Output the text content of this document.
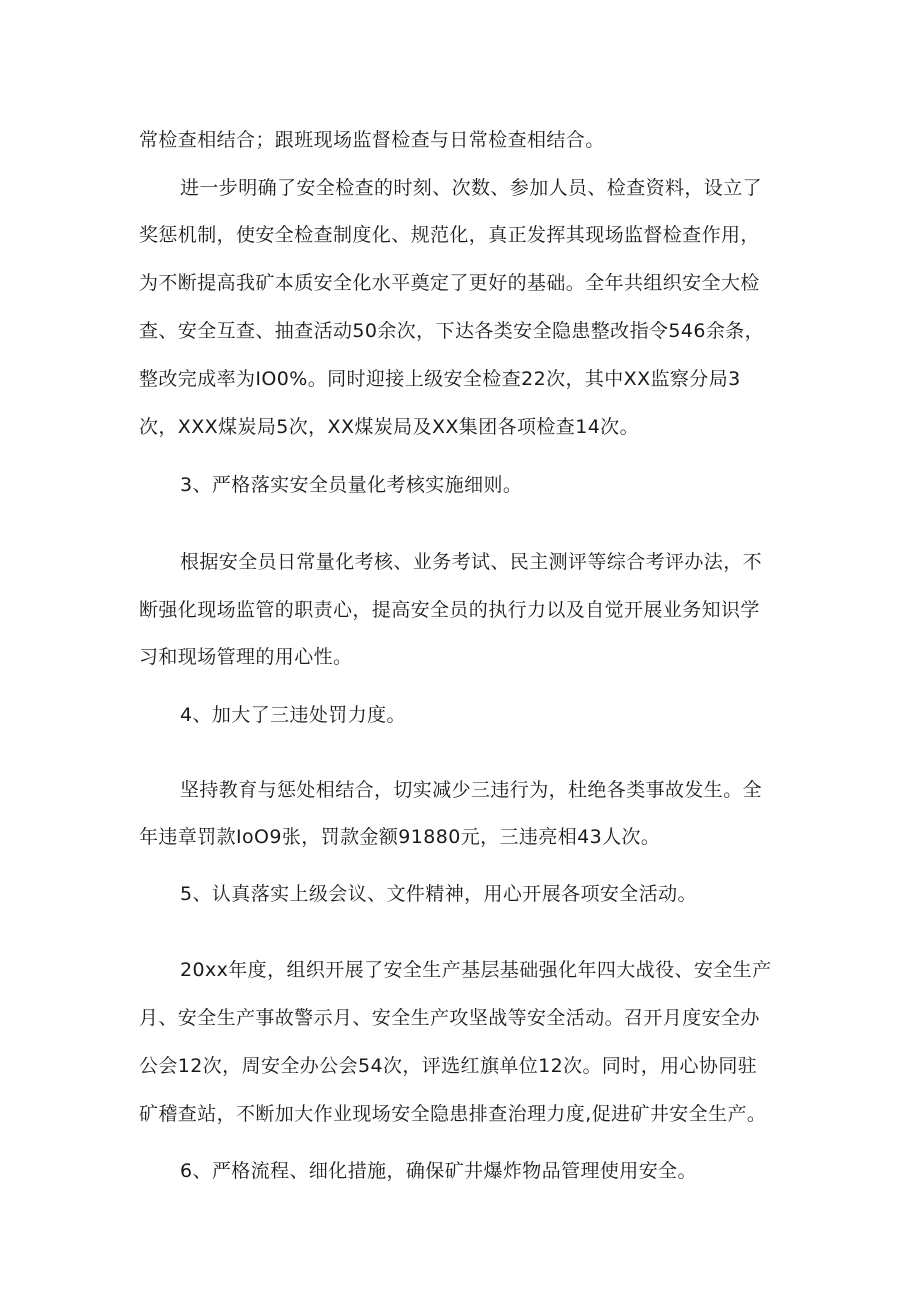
常检查相结合；跟班现场监督检查与日常检查相结合。
进一步明确了安全检查的时刻、次数、参加人员、检查资料，设立了
奖惩机制，使安全检查制度化、规范化，真正发挥其现场监督检查作用，
为不断提高我矿本质安全化水平奠定了更好的基础。全年共组织安全大检
查、安全互查、抽查活动50余次，下达各类安全隐患整改指令546余条，
整改完成率为IO0%。同时迎接上级安全检查22次，其中XX监察分局3
次，XXX煤炭局5次，XX煤炭局及XX集团各项检查14次。
3、严格落实安全员量化考核实施细则。
根据安全员日常量化考核、业务考试、民主测评等综合考评办法，不
断强化现场监管的职责心，提高安全员的执行力以及自觉开展业务知识学
习和现场管理的用心性。
4、加大了三违处罚力度。
坚持教育与惩处相结合，切实减少三违行为，杜绝各类事故发生。全
年违章罚款IoO9张，罚款金额91880元，三违亮相43人次。
5、认真落实上级会议、文件精神，用心开展各项安全活动。
20xx年度，组织开展了安全生产基层基础强化年四大战役、安全生产
月、安全生产事故警示月、安全生产攻坚战等安全活动。召开月度安全办
公会12次，周安全办公会54次，评选红旗单位12次。同时，用心协同驻
矿稽查站，不断加大作业现场安全隐患排查治理力度,促进矿井安全生产。
6、严格流程、细化措施，确保矿井爆炸物品管理使用安全。
